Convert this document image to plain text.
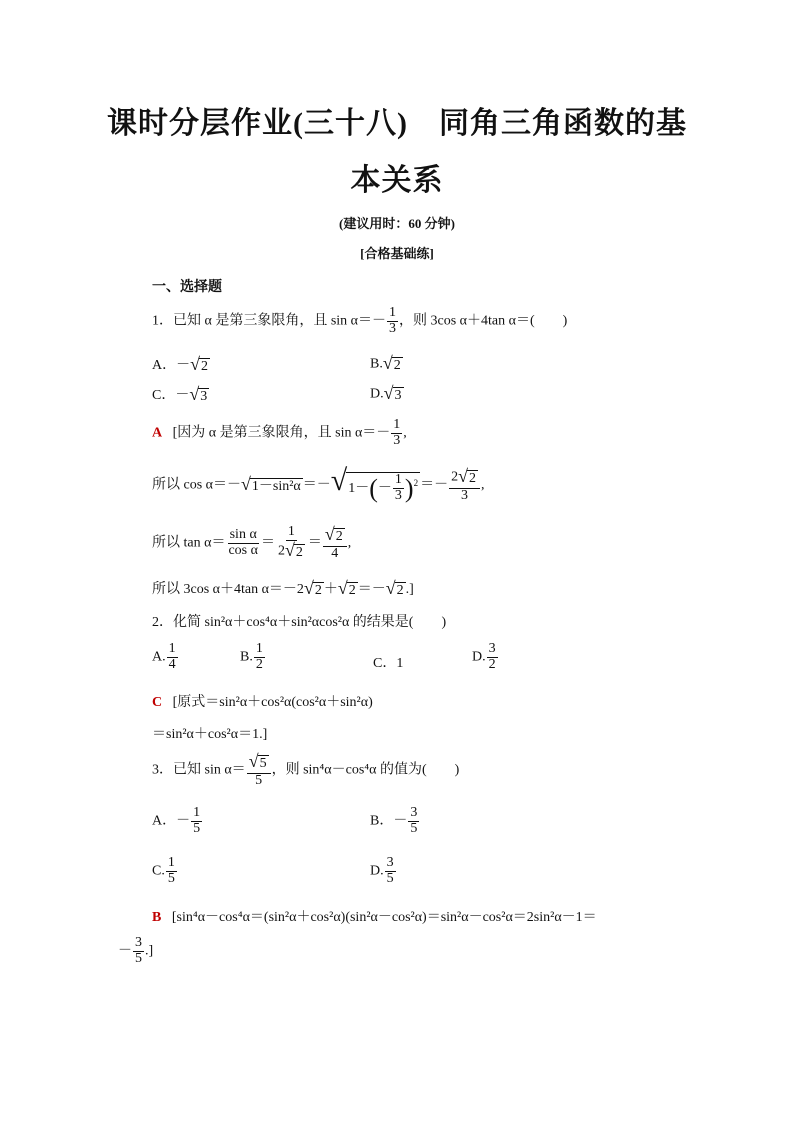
课时分层作业(三十八)　同角三角函数的基
本关系
(建议用时：60 分钟)
[合格基础练]
一、选择题
1．已知 α 是第三象限角，且 $\sin \alpha=- \frac{1}{3}$ ，则 3cos α＋4tan α＝(　　)
A．－ √ 2	B. √ 2
C．－ √ 3	D. √ 3
A [因为 α 是第三象限角，且 $\sin \alpha=- \frac{1}{3}$ ,
所以 cos α＝－ √ 1－sin²α ＝－ √ $1-(- \frac{1}{3} )^2 =- \frac{2 √ 2}{3}$ ,
所以 $\tan \alpha= \frac{\text{sin α}}{\text{cos α}} = \frac{1}{2 √ 2} = \frac{√ 2}{4}$ ,
所以 3cos α＋4tan α＝－2 √ 2 ＋ √ 2 ＝－ √ 2 .]
2．化简 sin²α＋cos⁴α＋sin²αcos²α 的结果是(　　)
A. $\frac{1}{4}$	B. $\frac{1}{2}$	C．1	D. $\frac{3}{2}$
C [原式＝sin²α＋cos²α(cos²α＋sin²α)
＝sin²α＋cos²α＝1.]
3．已知 $\sin \alpha= \frac{√ 5}{5}$ ，则 sin⁴α－cos⁴α 的值为(　　)
A．－ $\frac{1}{5}$	B．－ $\frac{3}{5}$
C. $\frac{1}{5}$	D. $\frac{3}{5}$
B [sin⁴α－cos⁴α＝(sin²α＋cos²α)(sin²α－cos²α)＝sin²α－cos²α＝2sin²α－1＝
－ $\frac{3}{5}$ .]
